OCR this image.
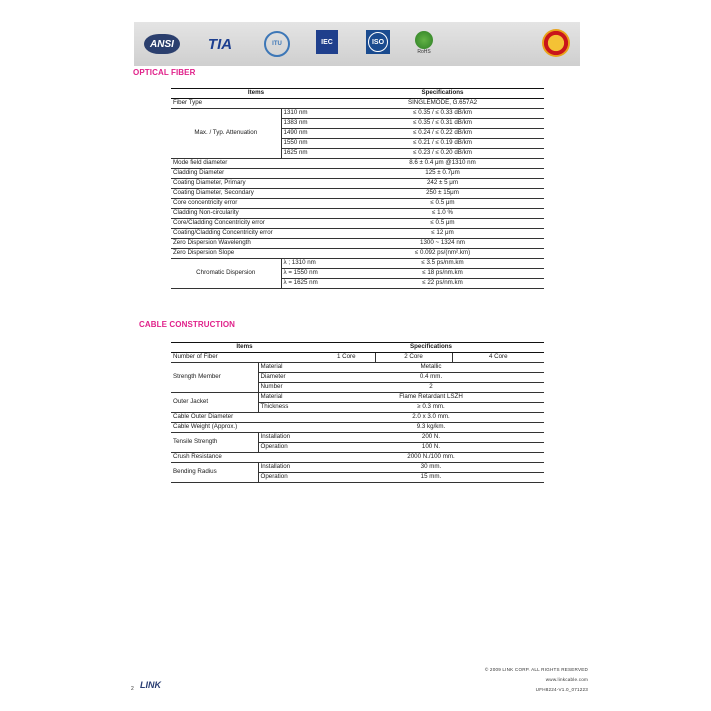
ANSI TIA	ITU	IEC	ISO
RoHS
OPTICAL FIBER
Items		Specifications
Fiber Type		SINGLEMODE, G.657A2
Max. / Typ. Attenuation	1310 nm	≤ 0.35 / ≤ 0.33 dB/km
	1383 nm	≤ 0.35 / ≤ 0.31 dB/km
	1490 nm	≤ 0.24 / ≤ 0.22 dB/km
	1550 nm	≤ 0.21 / ≤ 0.19 dB/km
	1625 nm	≤ 0.23 / ≤ 0.20 dB/km
Mode field diameter		8.6 ± 0.4 μm @1310 nm
Cladding Diameter		125 ± 0.7μm
Coating Diameter, Primary		242 ± 5 μm
Coating Diameter, Secondary		250 ± 15μm
Core concentricity error		≤ 0.5 μm
Cladding Non-circularity		≤ 1.0 %
Core/Cladding Concentricity error		≤ 0.5 μm
Coating/Cladding Concentricity error		≤ 12 μm
Zero Dispersion Wavelength		1300 ~ 1324 nm
Zero Dispersion Slope		≤ 0.092 ps/(nm².km)
Chromatic Dispersion	λ ; 1310 nm	≤ 3.5 ps/nm.km
	λ = 1550 nm	≤ 18 ps/nm.km
	λ = 1625 nm	≤ 22 ps/nm.km
CABLE CONSTRUCTION
Items		Specifications		
Number of Fiber		1 Core	2 Core	4 Core
Strength Member	Material	Metallic		
	Diameter	0.4 mm.		
	Number	2		
Outer Jacket	Material	Flame Retardant LSZH		
	Thickness	≥ 0.3 mm.		
Cable Outer Diameter		2.0 x 3.0 mm.		
Cable Weight (Approx.)		9.3 kg/km.		
Tensile Strength	Installation	200 N.		
	Operation	100 N.		
Crush Resistance		2000 N./100 mm.		
Bending Radius	Installation	30 mm.		
	Operation	15 mm.		
2 LINK
© 2009 LINK CORP. ALL RIGHTS RESERVED
www.linkcable.com
UFH8224-V1.0_071223
